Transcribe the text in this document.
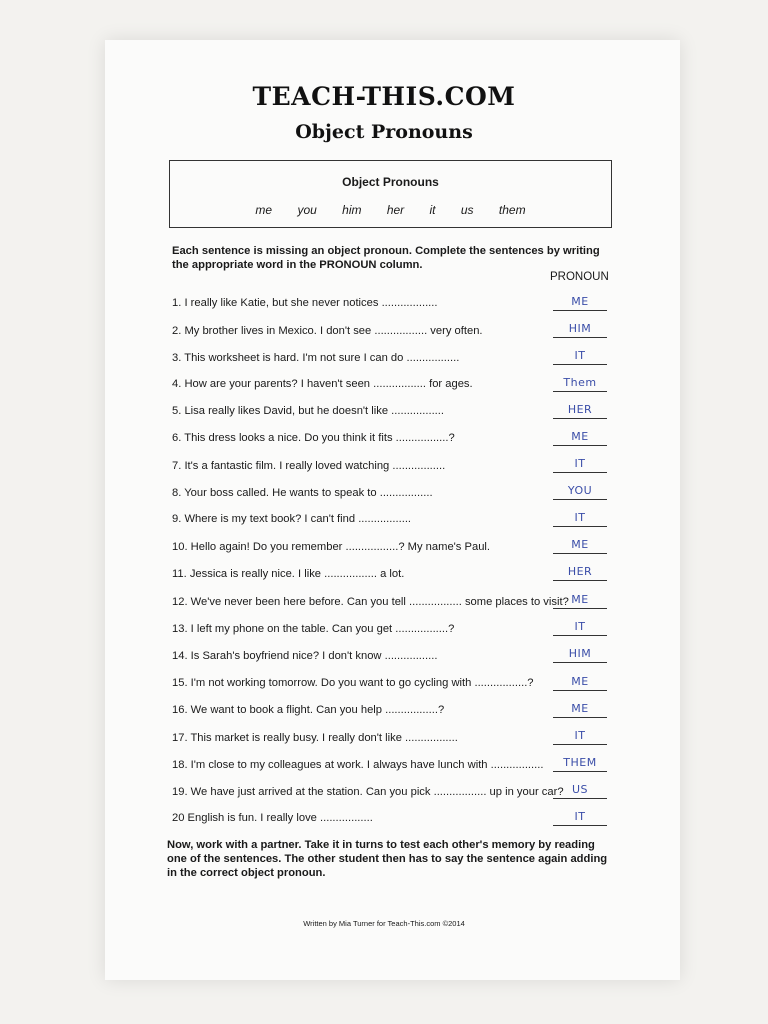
TEACH-THIS.COM
Object Pronouns
Object Pronouns
me you him her it us them
Each sentence is missing an object pronoun. Complete the sentences by writing the appropriate word in the PRONOUN column.
PRONOUN
1. I really like Katie, but she never notices ..................	ME
2. My brother lives in Mexico. I don't see ................. very often.	HIM
3. This worksheet is hard. I'm not sure I can do .................	IT
4. How are your parents? I haven't seen ................. for ages.	Them
5. Lisa really likes David, but he doesn't like .................	HER
6. This dress looks a nice. Do you think it fits .................?	ME
7. It's a fantastic film. I really loved watching .................	IT
8. Your boss called. He wants to speak to .................	YOU
9. Where is my text book? I can't find .................	IT
10. Hello again! Do you remember .................? My name's Paul.	ME
11. Jessica is really nice. I like ................. a lot.	HER
12. We've never been here before. Can you tell ................. some places to visit? ME
13. I left my phone on the table. Can you get .................?	IT
14. Is Sarah's boyfriend nice? I don't know .................	HIM
15. I'm not working tomorrow. Do you want to go cycling with .................?	ME
16. We want to book a flight. Can you help .................?	ME
17. This market is really busy. I really don't like .................	IT
18. I'm close to my colleagues at work. I always have lunch with .................	THEM
19. We have just arrived at the station. Can you pick ................. up in your car? US
20 English is fun. I really love .................	IT
Now, work with a partner. Take it in turns to test each other's memory by reading one of the sentences. The other student then has to say the sentence again adding in the correct object pronoun.
Written by Mia Turner for Teach-This.com ©2014
